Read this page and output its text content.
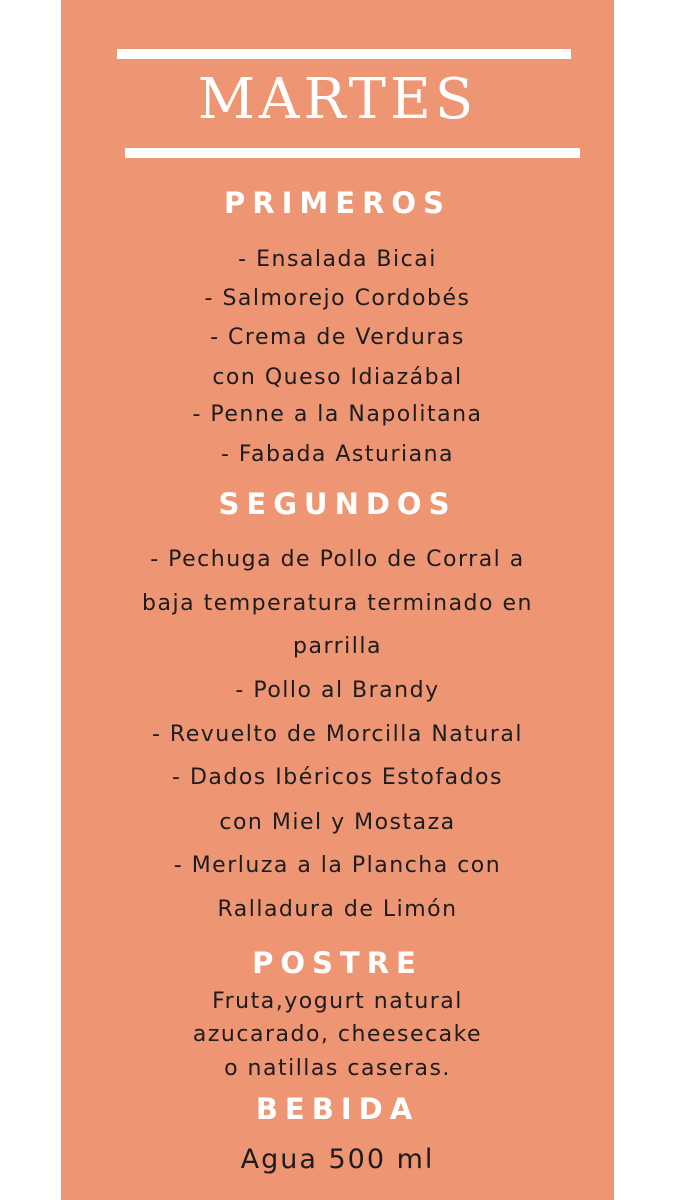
MARTES
PRIMEROS
- Ensalada Bicai
- Salmorejo Cordobés
- Crema de Verduras
con Queso Idiazábal
- Penne a la Napolitana
- Fabada Asturiana
SEGUNDOS
- Pechuga de Pollo de Corral a
baja temperatura terminado en
parrilla
- Pollo al Brandy
- Revuelto de Morcilla Natural
- Dados Ibéricos Estofados
con Miel y Mostaza
- Merluza a la Plancha con
Ralladura de Limón
POSTRE
Fruta,yogurt natural
azucarado, cheesecake
o natillas caseras.
BEBIDA
Agua 500 ml
